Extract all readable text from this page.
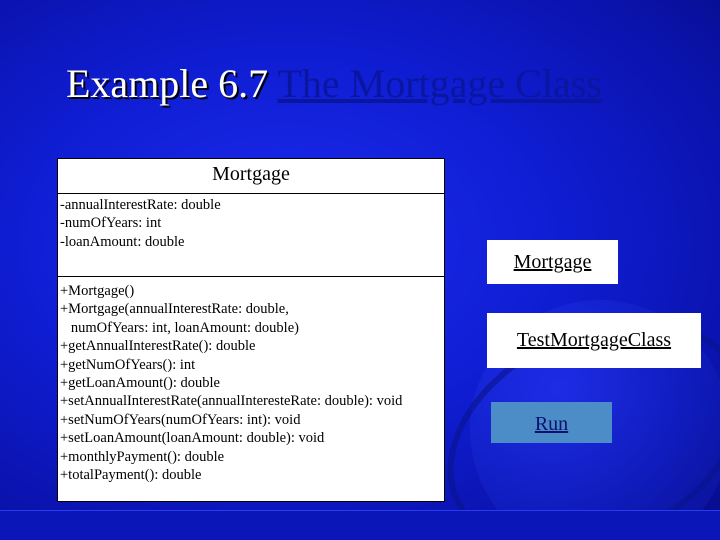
Example 6.7 The Mortgage Class
Mortgage
-annualInterestRate: double
-numOfYears: int
-loanAmount: double
+Mortgage()
+Mortgage(annualInterestRate: double,
numOfYears: int, loanAmount: double)
+getAnnualInterestRate(): double
+getNumOfYears(): int
+getLoanAmount(): double
+setAnnualInterestRate(annualInteresteRate: double): void
+setNumOfYears(numOfYears: int): void
+setLoanAmount(loanAmount: double): void
+monthlyPayment(): double
+totalPayment(): double
Mortgage
TestMortgageClass
Run
